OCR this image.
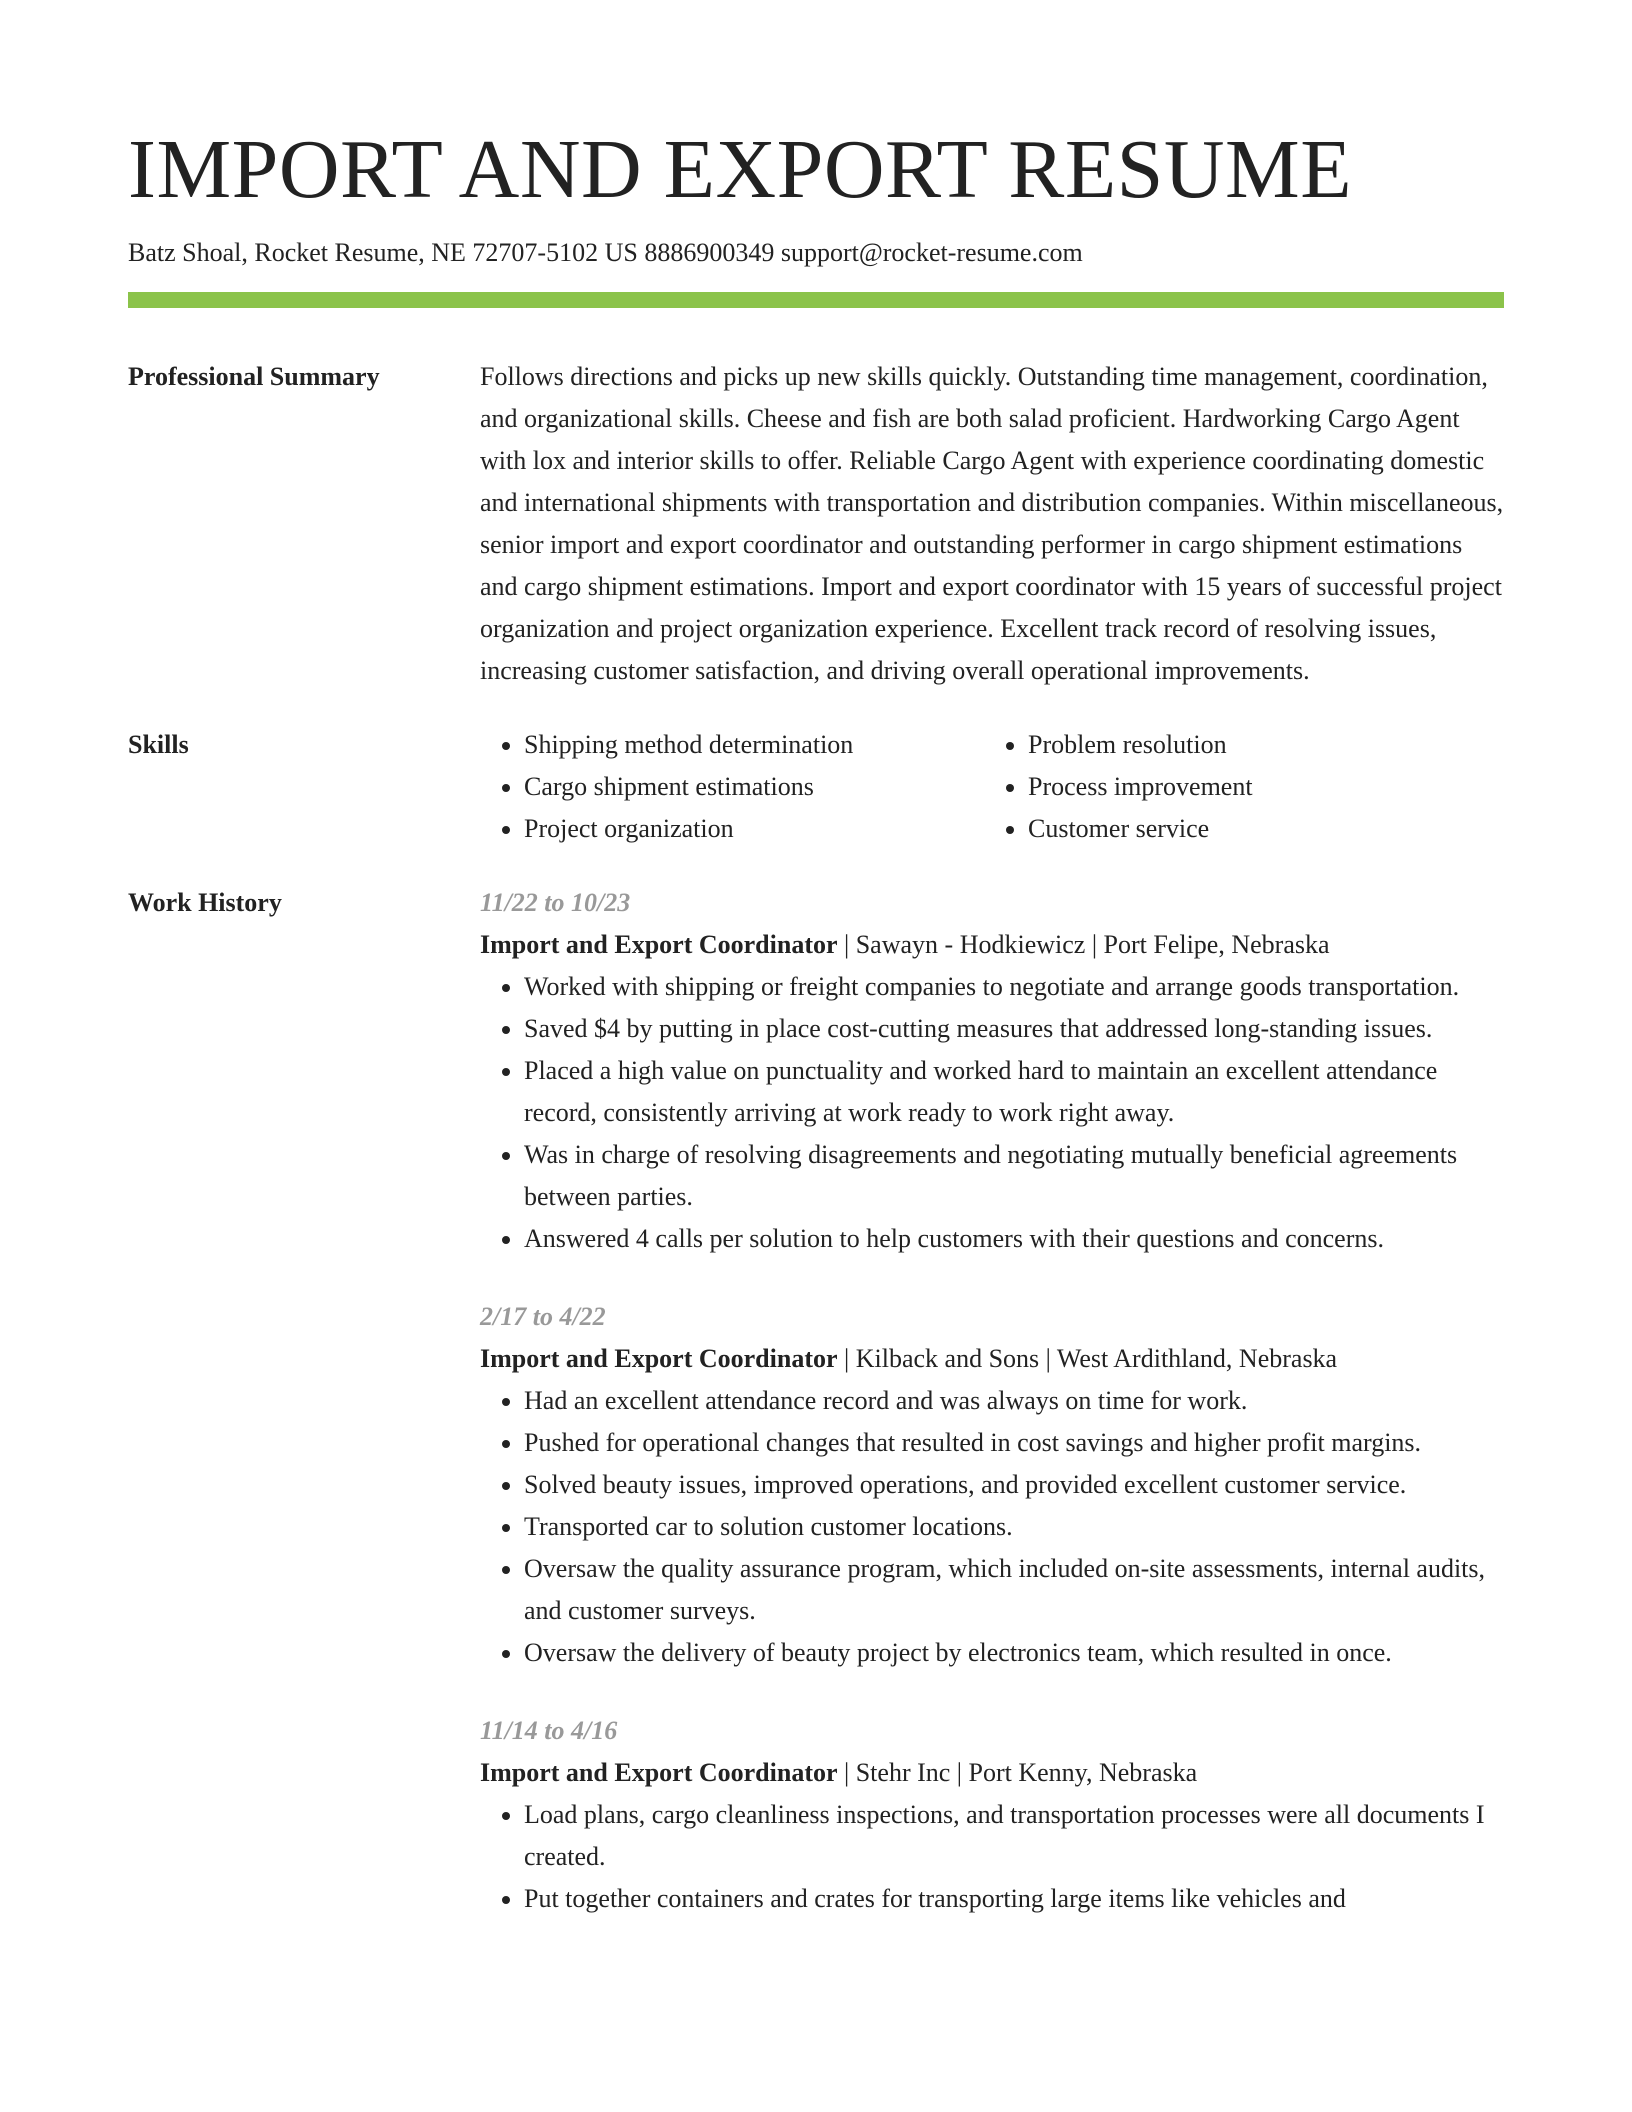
IMPORT AND EXPORT RESUME
Batz Shoal, Rocket Resume, NE 72707-5102 US 8886900349 support@rocket-resume.com
Professional Summary	Follows directions and picks up new skills quickly. Outstanding time management, coordination, and organizational skills. Cheese and fish are both salad proficient. Hardworking Cargo Agent with lox and interior skills to offer. Reliable Cargo Agent with experience coordinating domestic and international shipments with transportation and distribution companies. Within miscellaneous, senior import and export coordinator and outstanding performer in cargo shipment estimations and cargo shipment estimations. Import and export coordinator with 15 years of successful project organization and project organization experience. Excellent track record of resolving issues, increasing customer satisfaction, and driving overall operational improvements.

Skills
•	Shipping method determination
• Cargo shipment estimations
• Project organization
• Problem resolution
• Process improvement
• Customer service
Work History	11/22 to 10/23
Import and Export Coordinator | Sawayn - Hodkiewicz | Port Felipe, Nebraska
• Worked with shipping or freight companies to negotiate and arrange goods transportation.
• Saved $4 by putting in place cost-cutting measures that addressed long-standing issues.
• Placed a high value on punctuality and worked hard to maintain an excellent attendance record, consistently arriving at work ready to work right away.
• Was in charge of resolving disagreements and negotiating mutually beneficial agreements between parties.
• Answered 4 calls per solution to help customers with their questions and concerns.
2/17 to 4/22
Import and Export Coordinator | Kilback and Sons | West Ardithland, Nebraska
• Had an excellent attendance record and was always on time for work.
• Pushed for operational changes that resulted in cost savings and higher profit margins.
• Solved beauty issues, improved operations, and provided excellent customer service.
• Transported car to solution customer locations.
• Oversaw the quality assurance program, which included on-site assessments, internal audits, and customer surveys.
• Oversaw the delivery of beauty project by electronics team, which resulted in once.
11/14 to 4/16
Import and Export Coordinator | Stehr Inc | Port Kenny, Nebraska
• Load plans, cargo cleanliness inspections, and transportation processes were all documents I created.
• Put together containers and crates for transporting large items like vehicles and
